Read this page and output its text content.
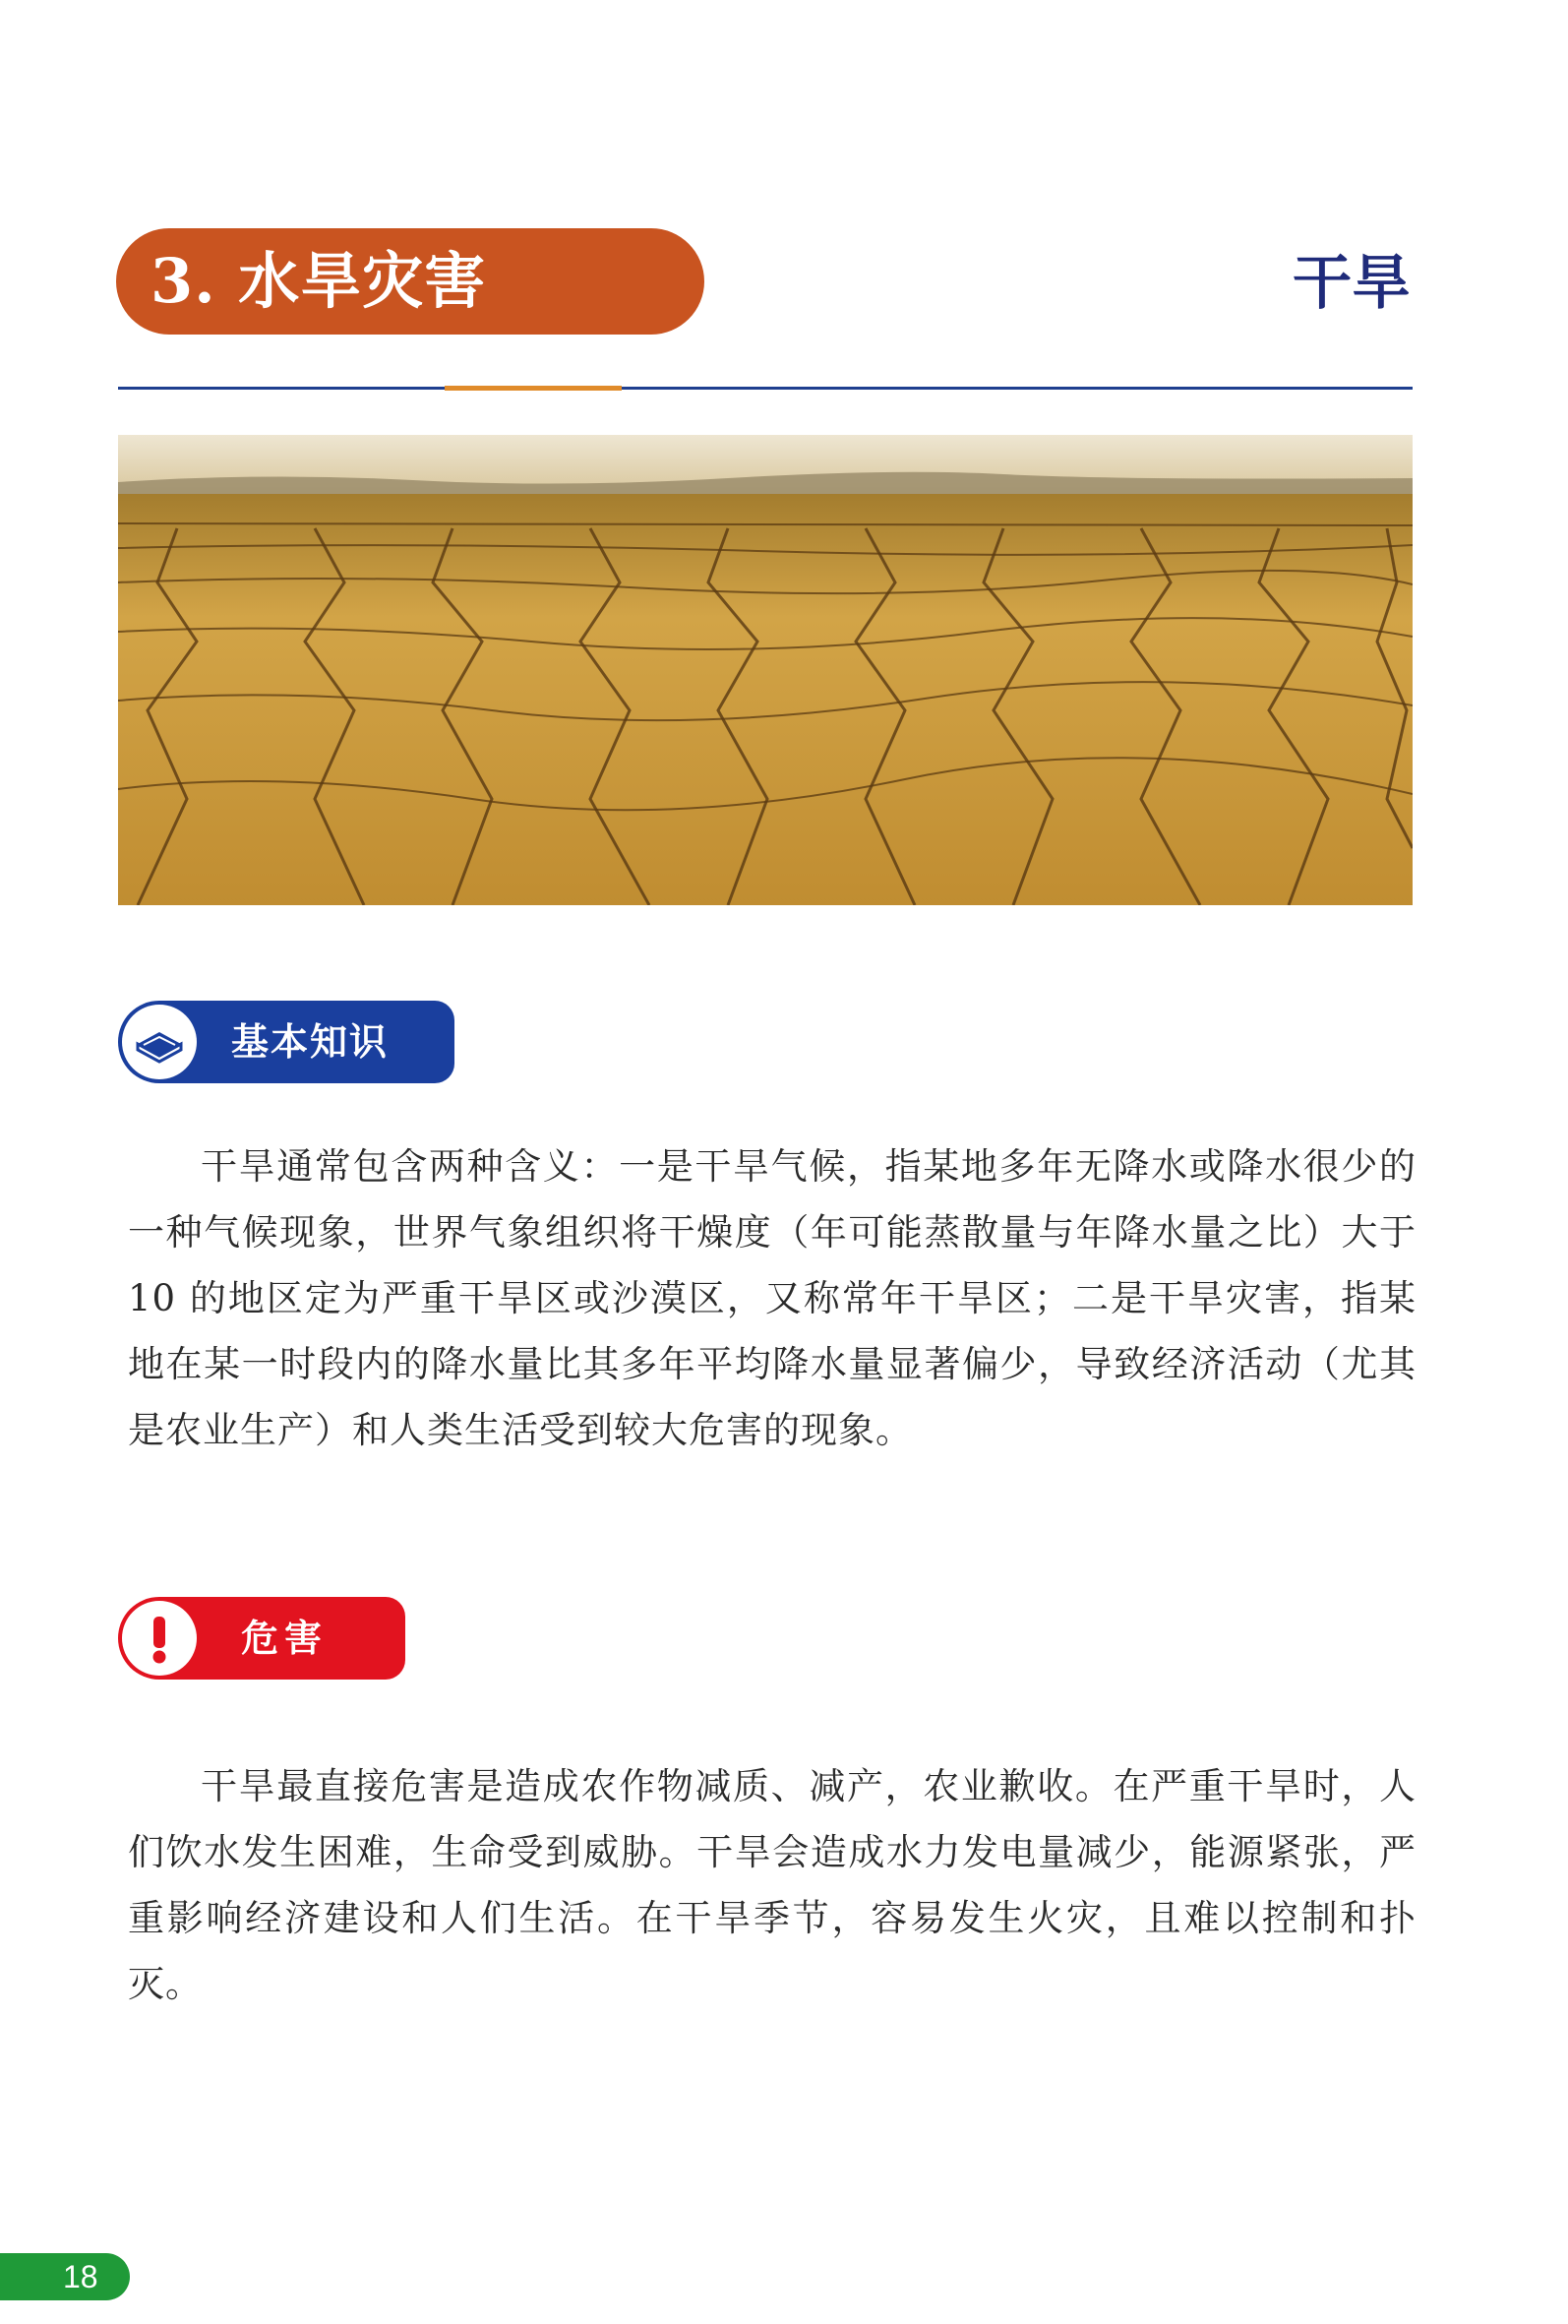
3. 水旱灾害	干旱
基本知识

干旱通常包含两种含义：一是干旱气候，指某地多年无降水或降水很少的一种气候现象，世界气象组织将干燥度（年可能蒸散量与年降水量之比）大于 10 的地区定为严重干旱区或沙漠区，又称常年干旱区；二是干旱灾害，指某地在某一时段内的降水量比其多年平均降水量显著偏少，导致经济活动（尤其是农业生产）和人类生活受到较大危害的现象。

危害

干旱最直接危害是造成农作物减质、减产，农业歉收。在严重干旱时，人们饮水发生困难，生命受到威胁。干旱会造成水力发电量减少，能源紧张，严重影响经济建设和人们生活。在干旱季节，容易发生火灾，且难以控制和扑灭。

18
